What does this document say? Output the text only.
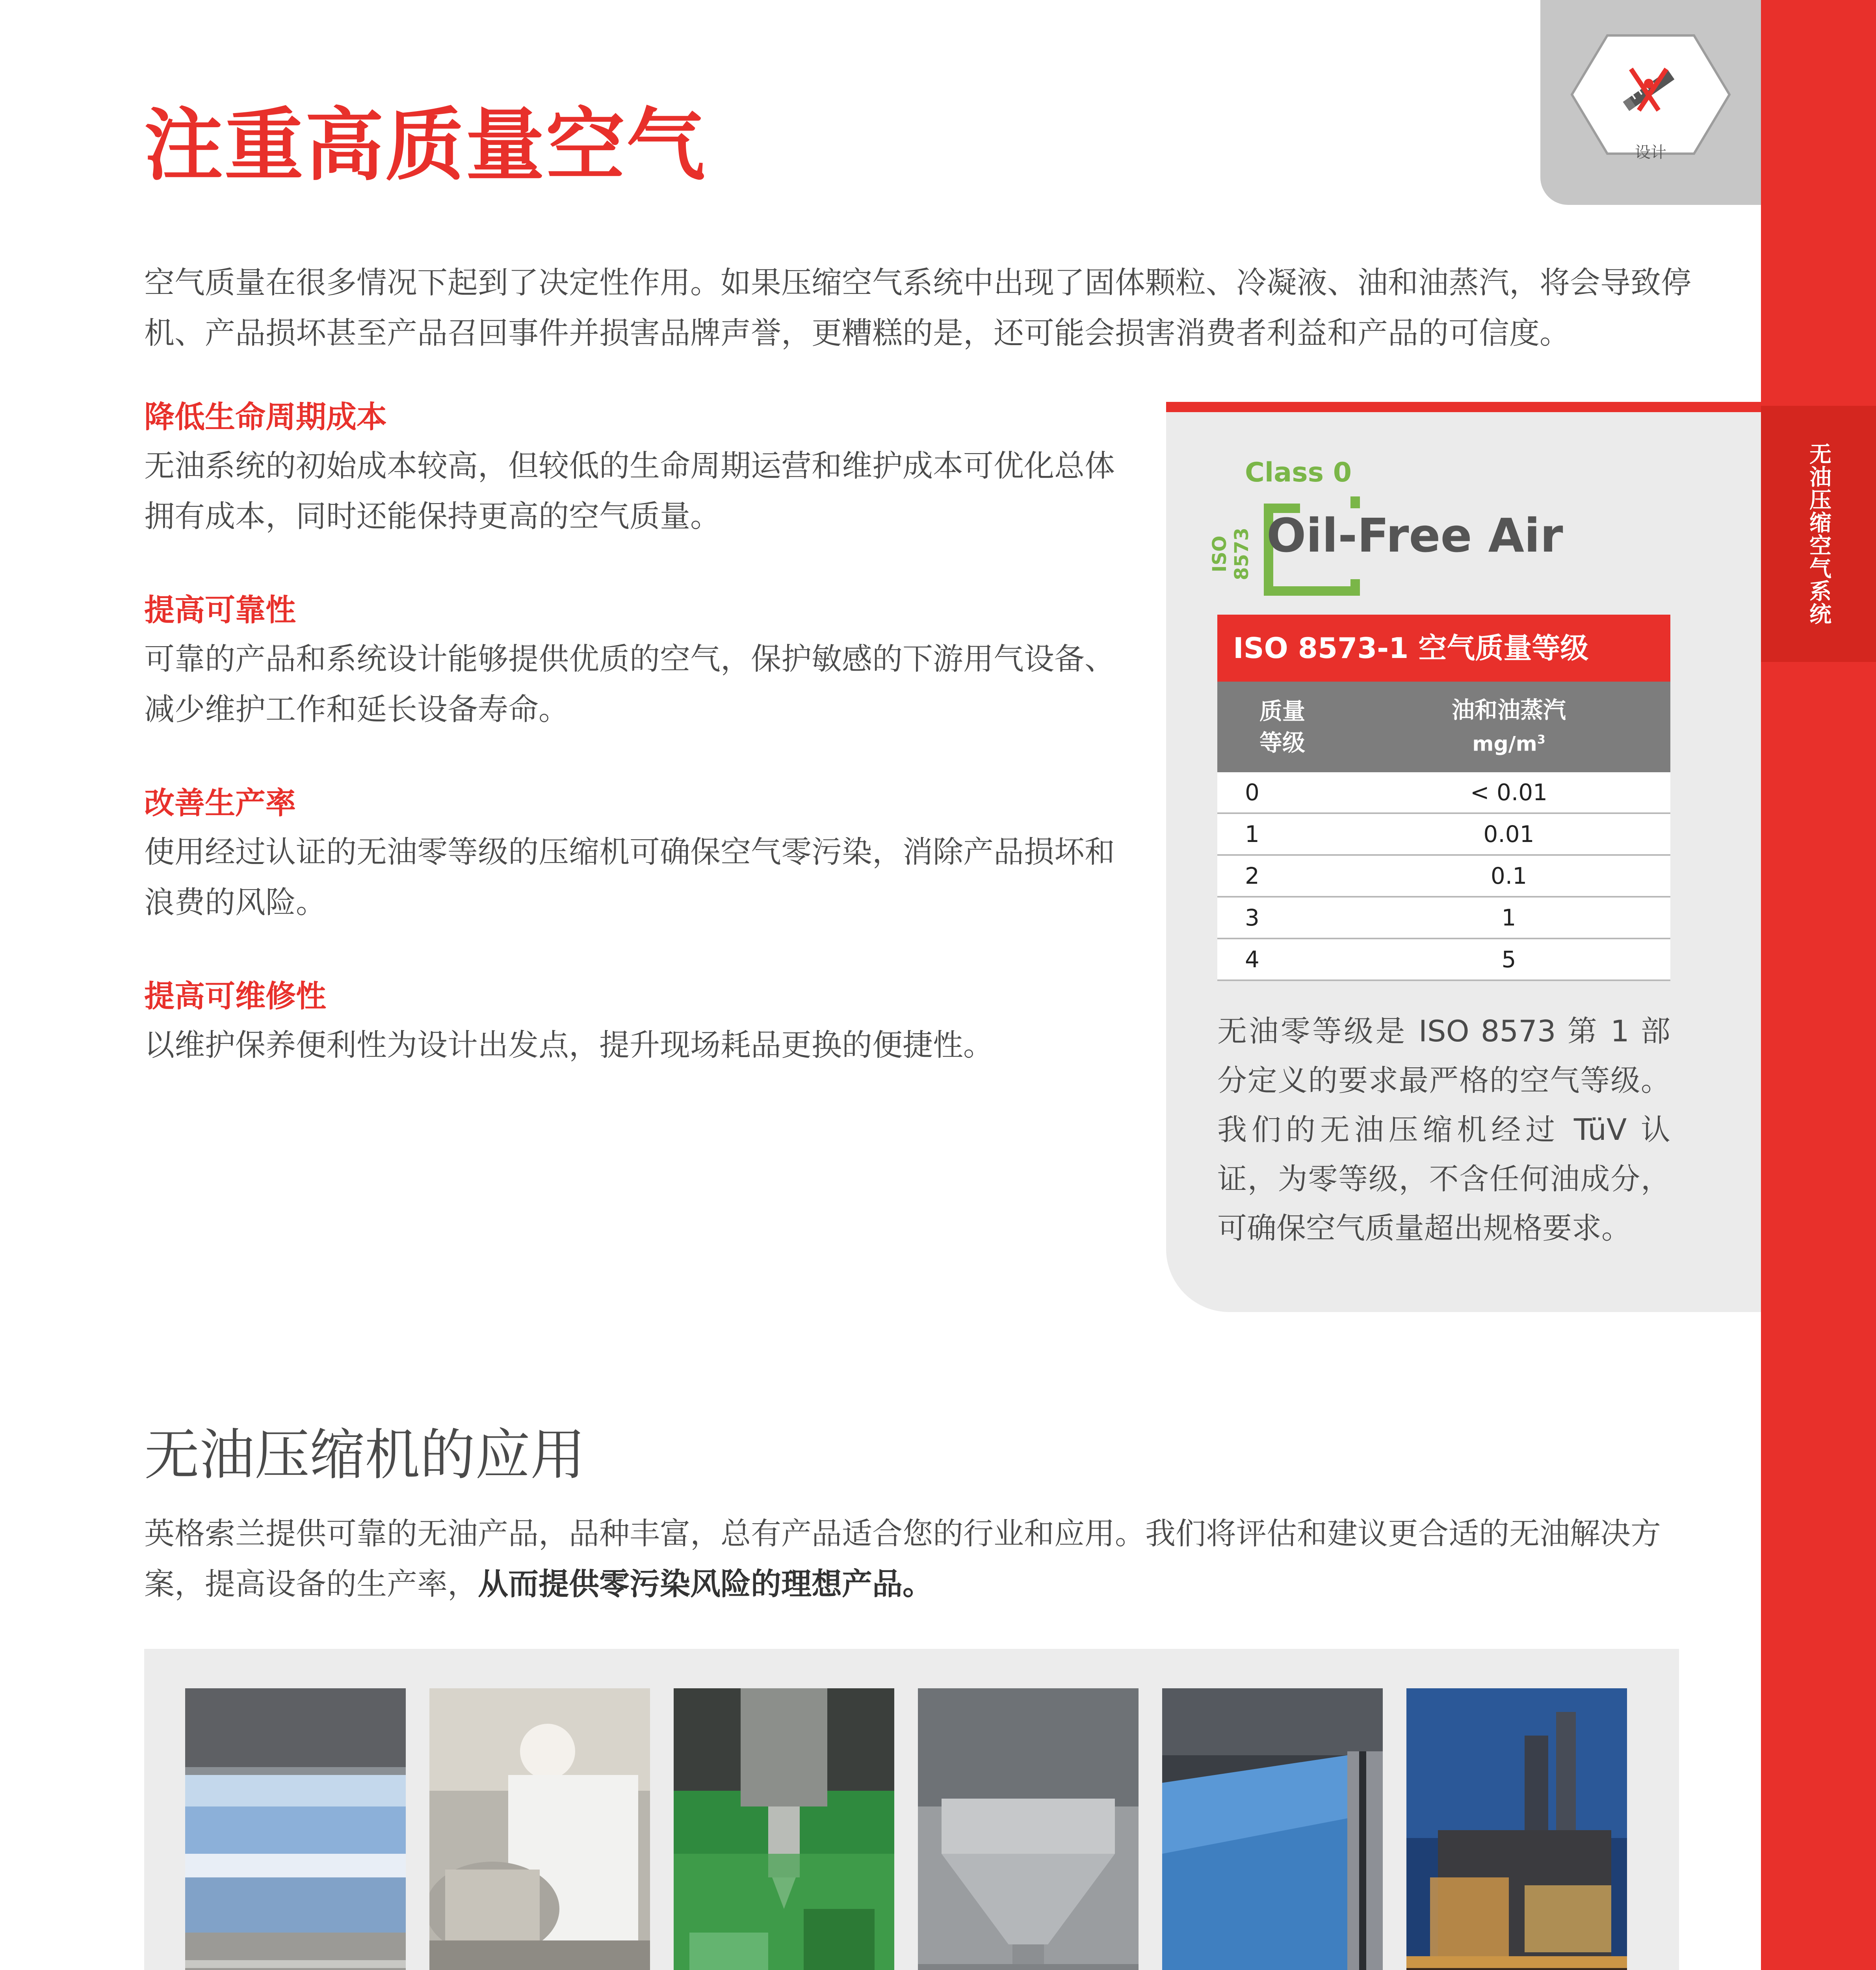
无油压缩空气系统
设计
注重高质量空气
空气质量在很多情况下起到了决定性作用。如果压缩空气系统中出现了固体颗粒、冷凝液、油和油蒸汽，将会导致停机、产品损坏甚至产品召回事件并损害品牌声誉，更糟糕的是，还可能会损害消费者利益和产品的可信度。
降低生命周期成本
无油系统的初始成本较高，但较低的生命周期运营和维护成本可优化总体拥有成本，同时还能保持更高的空气质量。
提高可靠性
可靠的产品和系统设计能够提供优质的空气，保护敏感的下游用气设备、减少维护工作和延长设备寿命。
改善生产率
使用经过认证的无油零等级的压缩机可确保空气零污染，消除产品损坏和浪费的风险。
提高可维修性
以维护保养便利性为设计出发点，提升现场耗品更换的便捷性。
Class 0
ISO 8573 Oil-Free Air
ISO 8573-1 空气质量等级
质量等级
油和油蒸汽
$mg/m^3$
0	< 0.01
1	0.01
2	0.1
3	1
4	5
无油零等级是 ISO 8573 第 1 部分定义的要求最严格的空气等级。我们的无油压缩机经过 TüV 认证，为零等级，不含任何油成分，可确保空气质量超出规格要求。
无油压缩机的应用
英格索兰提供可靠的无油产品，品种丰富，总有产品适合您的行业和应用。我们将评估和建议更合适的无油解决方案，提高设备的生产率，从而提供零污染风险的理想产品。
